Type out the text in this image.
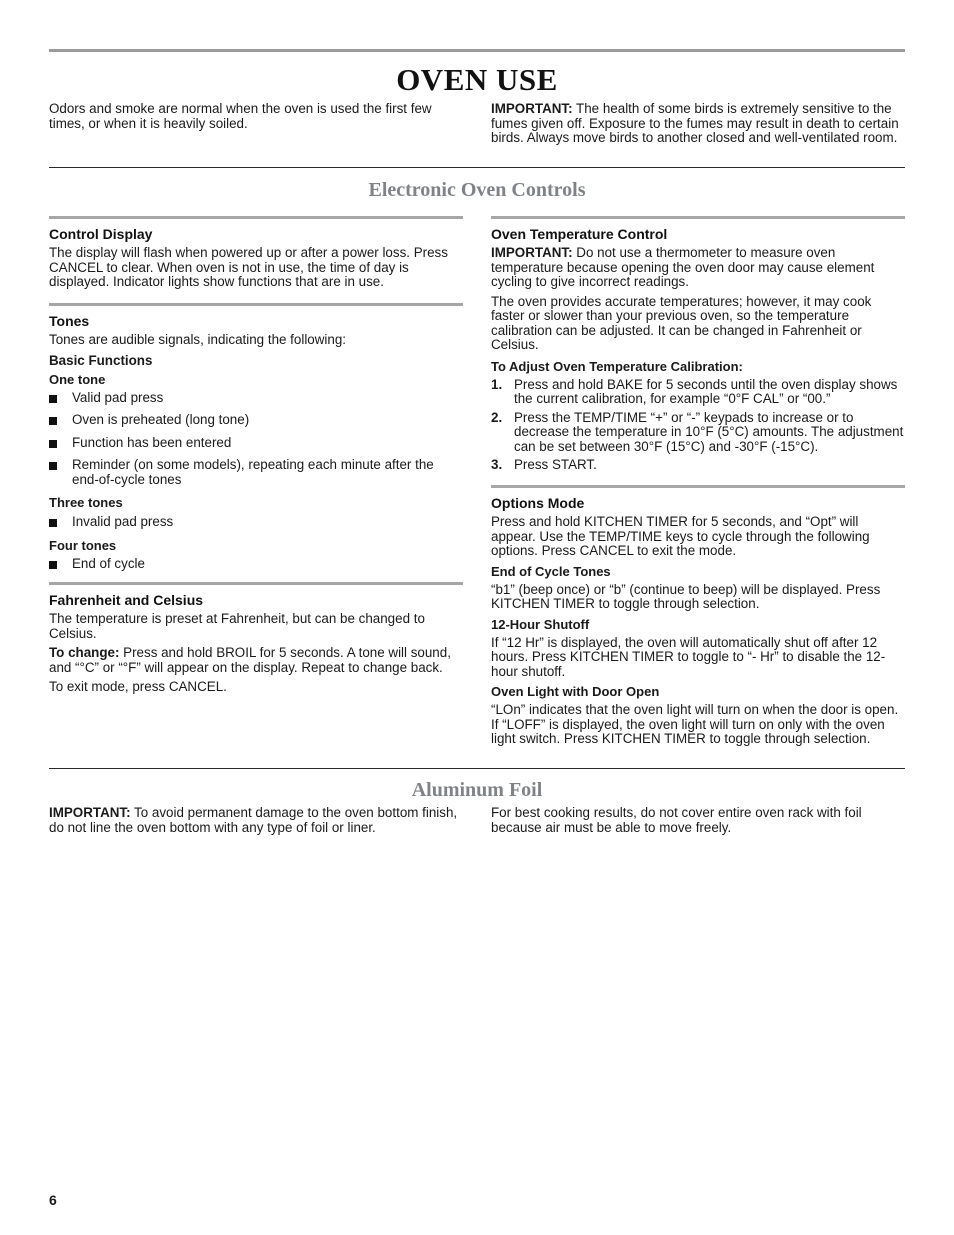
OVEN USE

Odors and smoke are normal when the oven is used the first few times, or when it is heavily soiled.

IMPORTANT: The health of some birds is extremely sensitive to the fumes given off. Exposure to the fumes may result in death to certain birds. Always move birds to another closed and well-ventilated room.

Electronic Oven Controls
Control Display

The display will flash when powered up or after a power loss. Press CANCEL to clear. When oven is not in use, the time of day is displayed. Indicator lights show functions that are in use.

Tones

Tones are audible signals, indicating the following:

Basic Functions
One tone
Valid pad press
Oven is preheated (long tone)
Function has been entered
Reminder (on some models), repeating each minute after the end-of-cycle tones
Three tones
Invalid pad press
Four tones
End of cycle
Fahrenheit and Celsius

The temperature is preset at Fahrenheit, but can be changed to Celsius.

To change: Press and hold BROIL for 5 seconds. A tone will sound, and “°C” or “°F” will appear on the display. Repeat to change back.

To exit mode, press CANCEL.

Oven Temperature Control

IMPORTANT: Do not use a thermometer to measure oven temperature because opening the oven door may cause element cycling to give incorrect readings.

The oven provides accurate temperatures; however, it may cook faster or slower than your previous oven, so the temperature calibration can be adjusted. It can be changed in Fahrenheit or Celsius.

To Adjust Oven Temperature Calibration:
1. Press and hold BAKE for 5 seconds until the oven display shows the current calibration, for example “0°F CAL” or “00.”
2. Press the TEMP/TIME “+” or “-” keypads to increase or to decrease the temperature in 10°F (5°C) amounts. The adjustment can be set between 30°F (15°C) and -30°F (-15°C).
3. Press START.
Options Mode

Press and hold KITCHEN TIMER for 5 seconds, and “Opt” will appear. Use the TEMP/TIME keys to cycle through the following options. Press CANCEL to exit the mode.

End of Cycle Tones

“b1” (beep once) or “b” (continue to beep) will be displayed. Press KITCHEN TIMER to toggle through selection.

12-Hour Shutoff

If “12 Hr” is displayed, the oven will automatically shut off after 12 hours. Press KITCHEN TIMER to toggle to “- Hr” to disable the 12-hour shutoff.

Oven Light with Door Open

“LOn” indicates that the oven light will turn on when the door is open. If “LOFF” is displayed, the oven light will turn on only with the oven light switch. Press KITCHEN TIMER to toggle through selection.

Aluminum Foil

IMPORTANT: To avoid permanent damage to the oven bottom finish, do not line the oven bottom with any type of foil or liner.

For best cooking results, do not cover entire oven rack with foil because air must be able to move freely.

6
